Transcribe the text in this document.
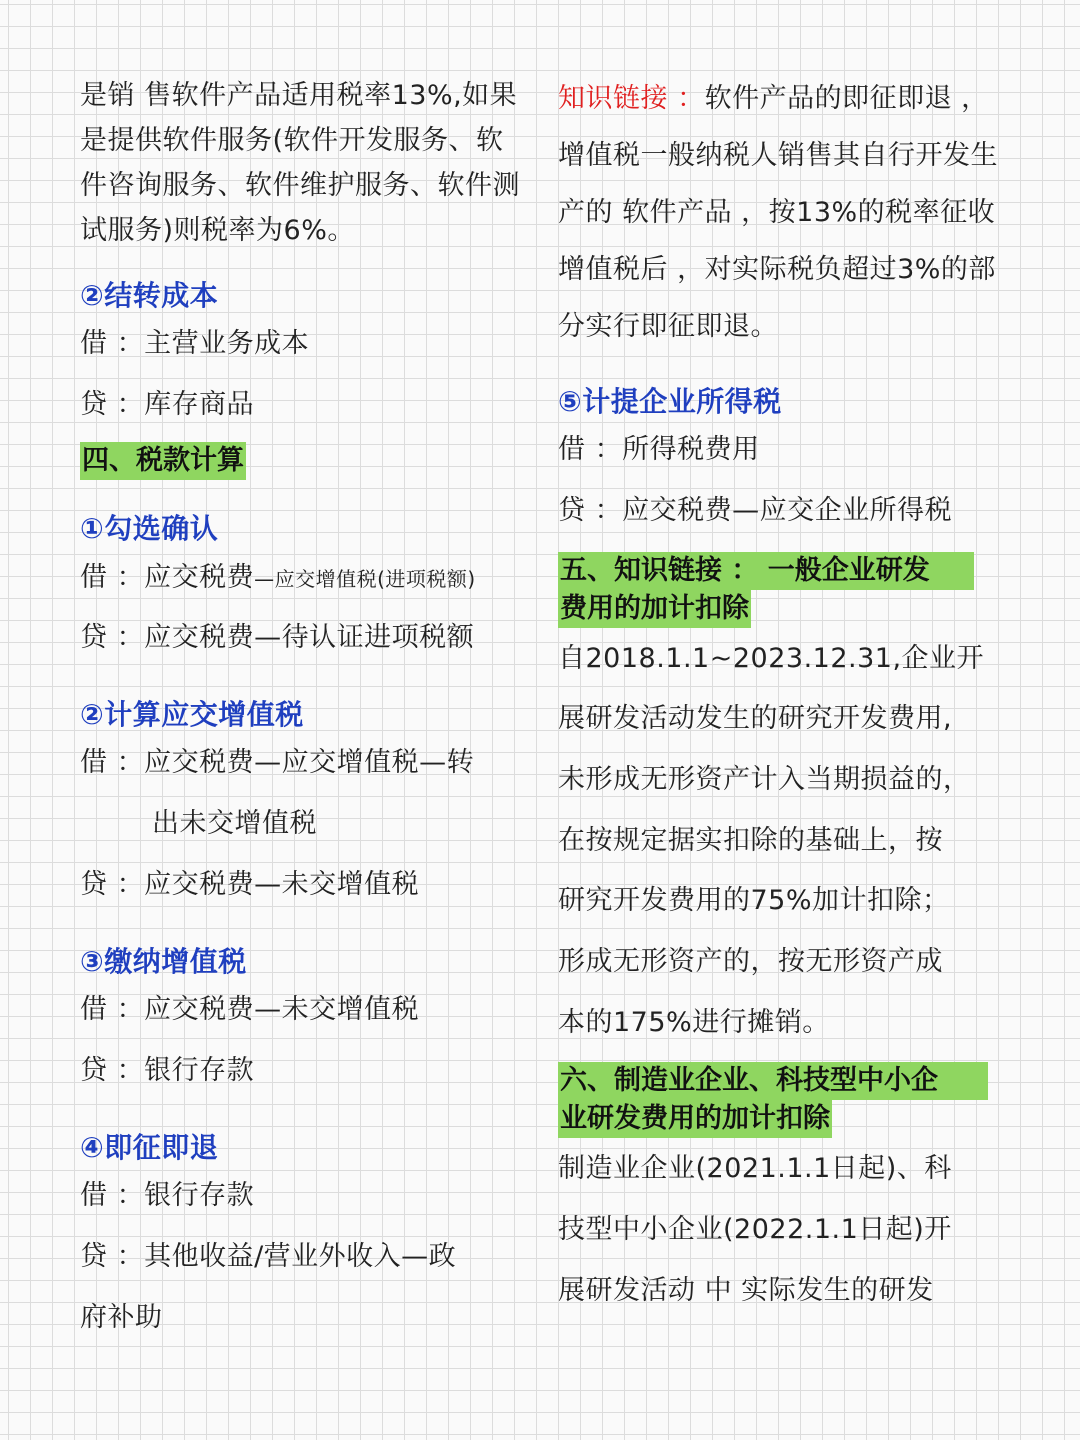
是销 售软件产品适用税率13%,如果
是提供软件服务(软件开发服务、软
件咨询服务、软件维护服务、软件测
试服务)则税率为6%。
②结转成本
借 ：主营业务成本
贷 ：库存商品
四、税款计算
①勾选确认
借 ：应交税费—应交增值税(进项税额)
贷 ：应交税费—待认证进项税额
②计算应交增值税
借 ：应交税费—应交增值税—转
出未交增值税
贷 ：应交税费—未交增值税
③缴纳增值税
借 ：应交税费—未交增值税
贷 ：银行存款
④即征即退
借 ：银行存款
贷 ：其他收益/营业外收入—政
府补助
知识链接 ：软件产品的即征即退 ，
增值税一般纳税人销售其自行开发生
产的 软件产品 ，按13%的税率征收
增值税后 ，对实际税负超过3%的部
分实行即征即退。
⑤计提企业所得税
借 ：所得税费用
贷 ：应交税费—应交企业所得税
五、知识链接 ： 一般企业研发
费用的加计扣除
自2018.1.1~2023.12.31,企业开
展研发活动发生的研究开发费用,
未形成无形资产计入当期损益的，
在按规定据实扣除的基础上，按
研究开发费用的75%加计扣除；
形成无形资产的，按无形资产成
本的175%进行摊销。
六、制造业企业、科技型中小企
业研发费用的加计扣除
制造业企业(2021.1.1日起)、科
技型中小企业(2022.1.1日起)开
展研发活动 中 实际发生的研发
